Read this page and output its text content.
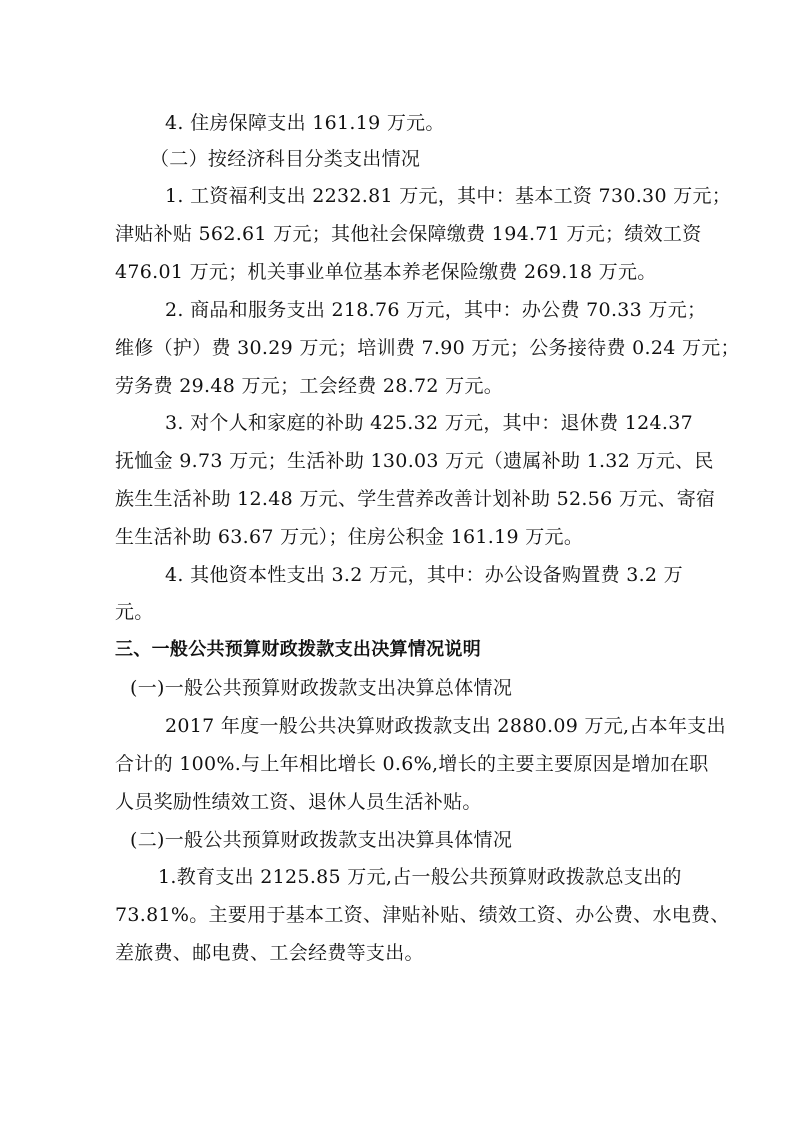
4. 住房保障支出 161.19 万元。
（二）按经济科目分类支出情况
1. 工资福利支出 2232.81 万元，其中：基本工资 730.30 万元；
津贴补贴 562.61 万元；其他社会保障缴费 194.71 万元；绩效工资
476.01 万元；机关事业单位基本养老保险缴费 269.18 万元。
2. 商品和服务支出 218.76 万元，其中：办公费 70.33 万元；
维修（护）费 30.29 万元；培训费 7.90 万元；公务接待费 0.24 万元；
劳务费 29.48 万元；工会经费 28.72 万元。
3. 对个人和家庭的补助 425.32 万元，其中：退休费 124.37
抚恤金 9.73 万元；生活补助 130.03 万元（遗属补助 1.32 万元、民
族生生活补助 12.48 万元、学生营养改善计划补助 52.56 万元、寄宿
生生活补助 63.67 万元）；住房公积金 161.19 万元。
4. 其他资本性支出 3.2 万元，其中：办公设备购置费 3.2 万
元。
三、一般公共预算财政拨款支出决算情况说明
(一)一般公共预算财政拨款支出决算总体情况
2017 年度一般公共决算财政拨款支出 2880.09 万元,占本年支出
合计的 100%.与上年相比增长 0.6%,增长的主要主要原因是增加在职
人员奖励性绩效工资、退休人员生活补贴。
(二)一般公共预算财政拨款支出决算具体情况
1.教育支出 2125.85 万元,占一般公共预算财政拨款总支出的
73.81%。主要用于基本工资、津贴补贴、绩效工资、办公费、水电费、
差旅费、邮电费、工会经费等支出。
